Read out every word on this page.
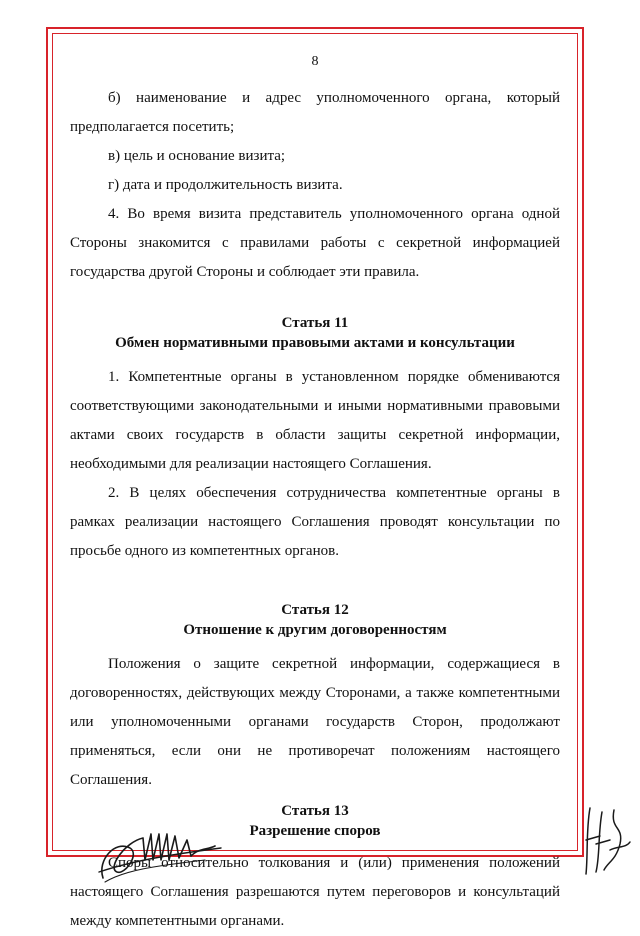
8

б) наименование и адрес уполномоченного органа, который предполагается посетить;

в) цель и основание визита;

г) дата и продолжительность визита.

4. Во время визита представитель уполномоченного органа одной Стороны знакомится с правилами работы с секретной информацией государства другой Стороны и соблюдает эти правила.

Статья 11
Обмен нормативными правовыми актами и консультации

1. Компетентные органы в установленном порядке обмениваются соответствующими законодательными и иными нормативными правовыми актами своих государств в области защиты секретной информации, необходимыми для реализации настоящего Соглашения.

2. В целях обеспечения сотрудничества компетентные органы в рамках реализации настоящего Соглашения проводят консультации по просьбе одного из компетентных органов.

Статья 12
Отношение к другим договоренностям

Положения о защите секретной информации, содержащиеся в договоренностях, действующих между Сторонами, а также компетентными или уполномоченными органами государств Сторон, продолжают применяться, если они не противоречат положениям настоящего Соглашения.

Статья 13
Разрешение споров

Споры относительно толкования и (или) применения положений настоящего Соглашения разрешаются путем переговоров и консультаций между компетентными органами.
